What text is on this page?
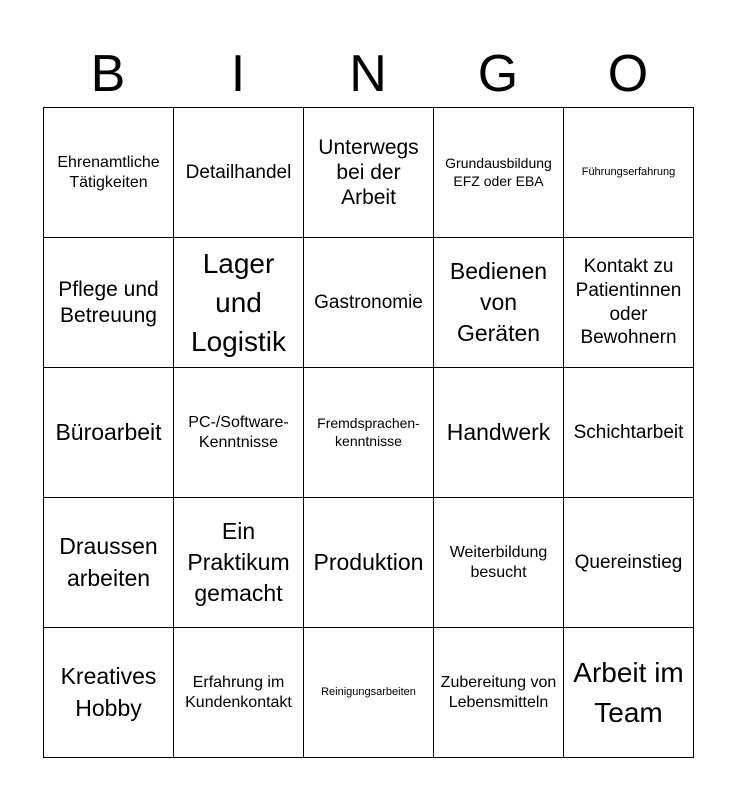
B	I	N	G	O
Ehrenamtliche Tätigkeiten	Detailhandel	Unterwegs bei der Arbeit	Grundausbildung EFZ oder EBA	Führungserfahrung
Pflege und Betreuung	Lager und Logistik	Gastronomie	Bedienen von Geräten	Kontakt zu Patientinnen oder Bewohnern
Büroarbeit	PC-/Software-Kenntnisse	Fremdsprachen-kenntnisse	Handwerk	Schichtarbeit
Draussen arbeiten	Ein Praktikum gemacht	Produktion	Weiterbildung besucht	Quereinstieg
Kreatives Hobby	Erfahrung im Kundenkontakt	Reinigungsarbeiten	Zubereitung von Lebensmitteln	Arbeit im Team
